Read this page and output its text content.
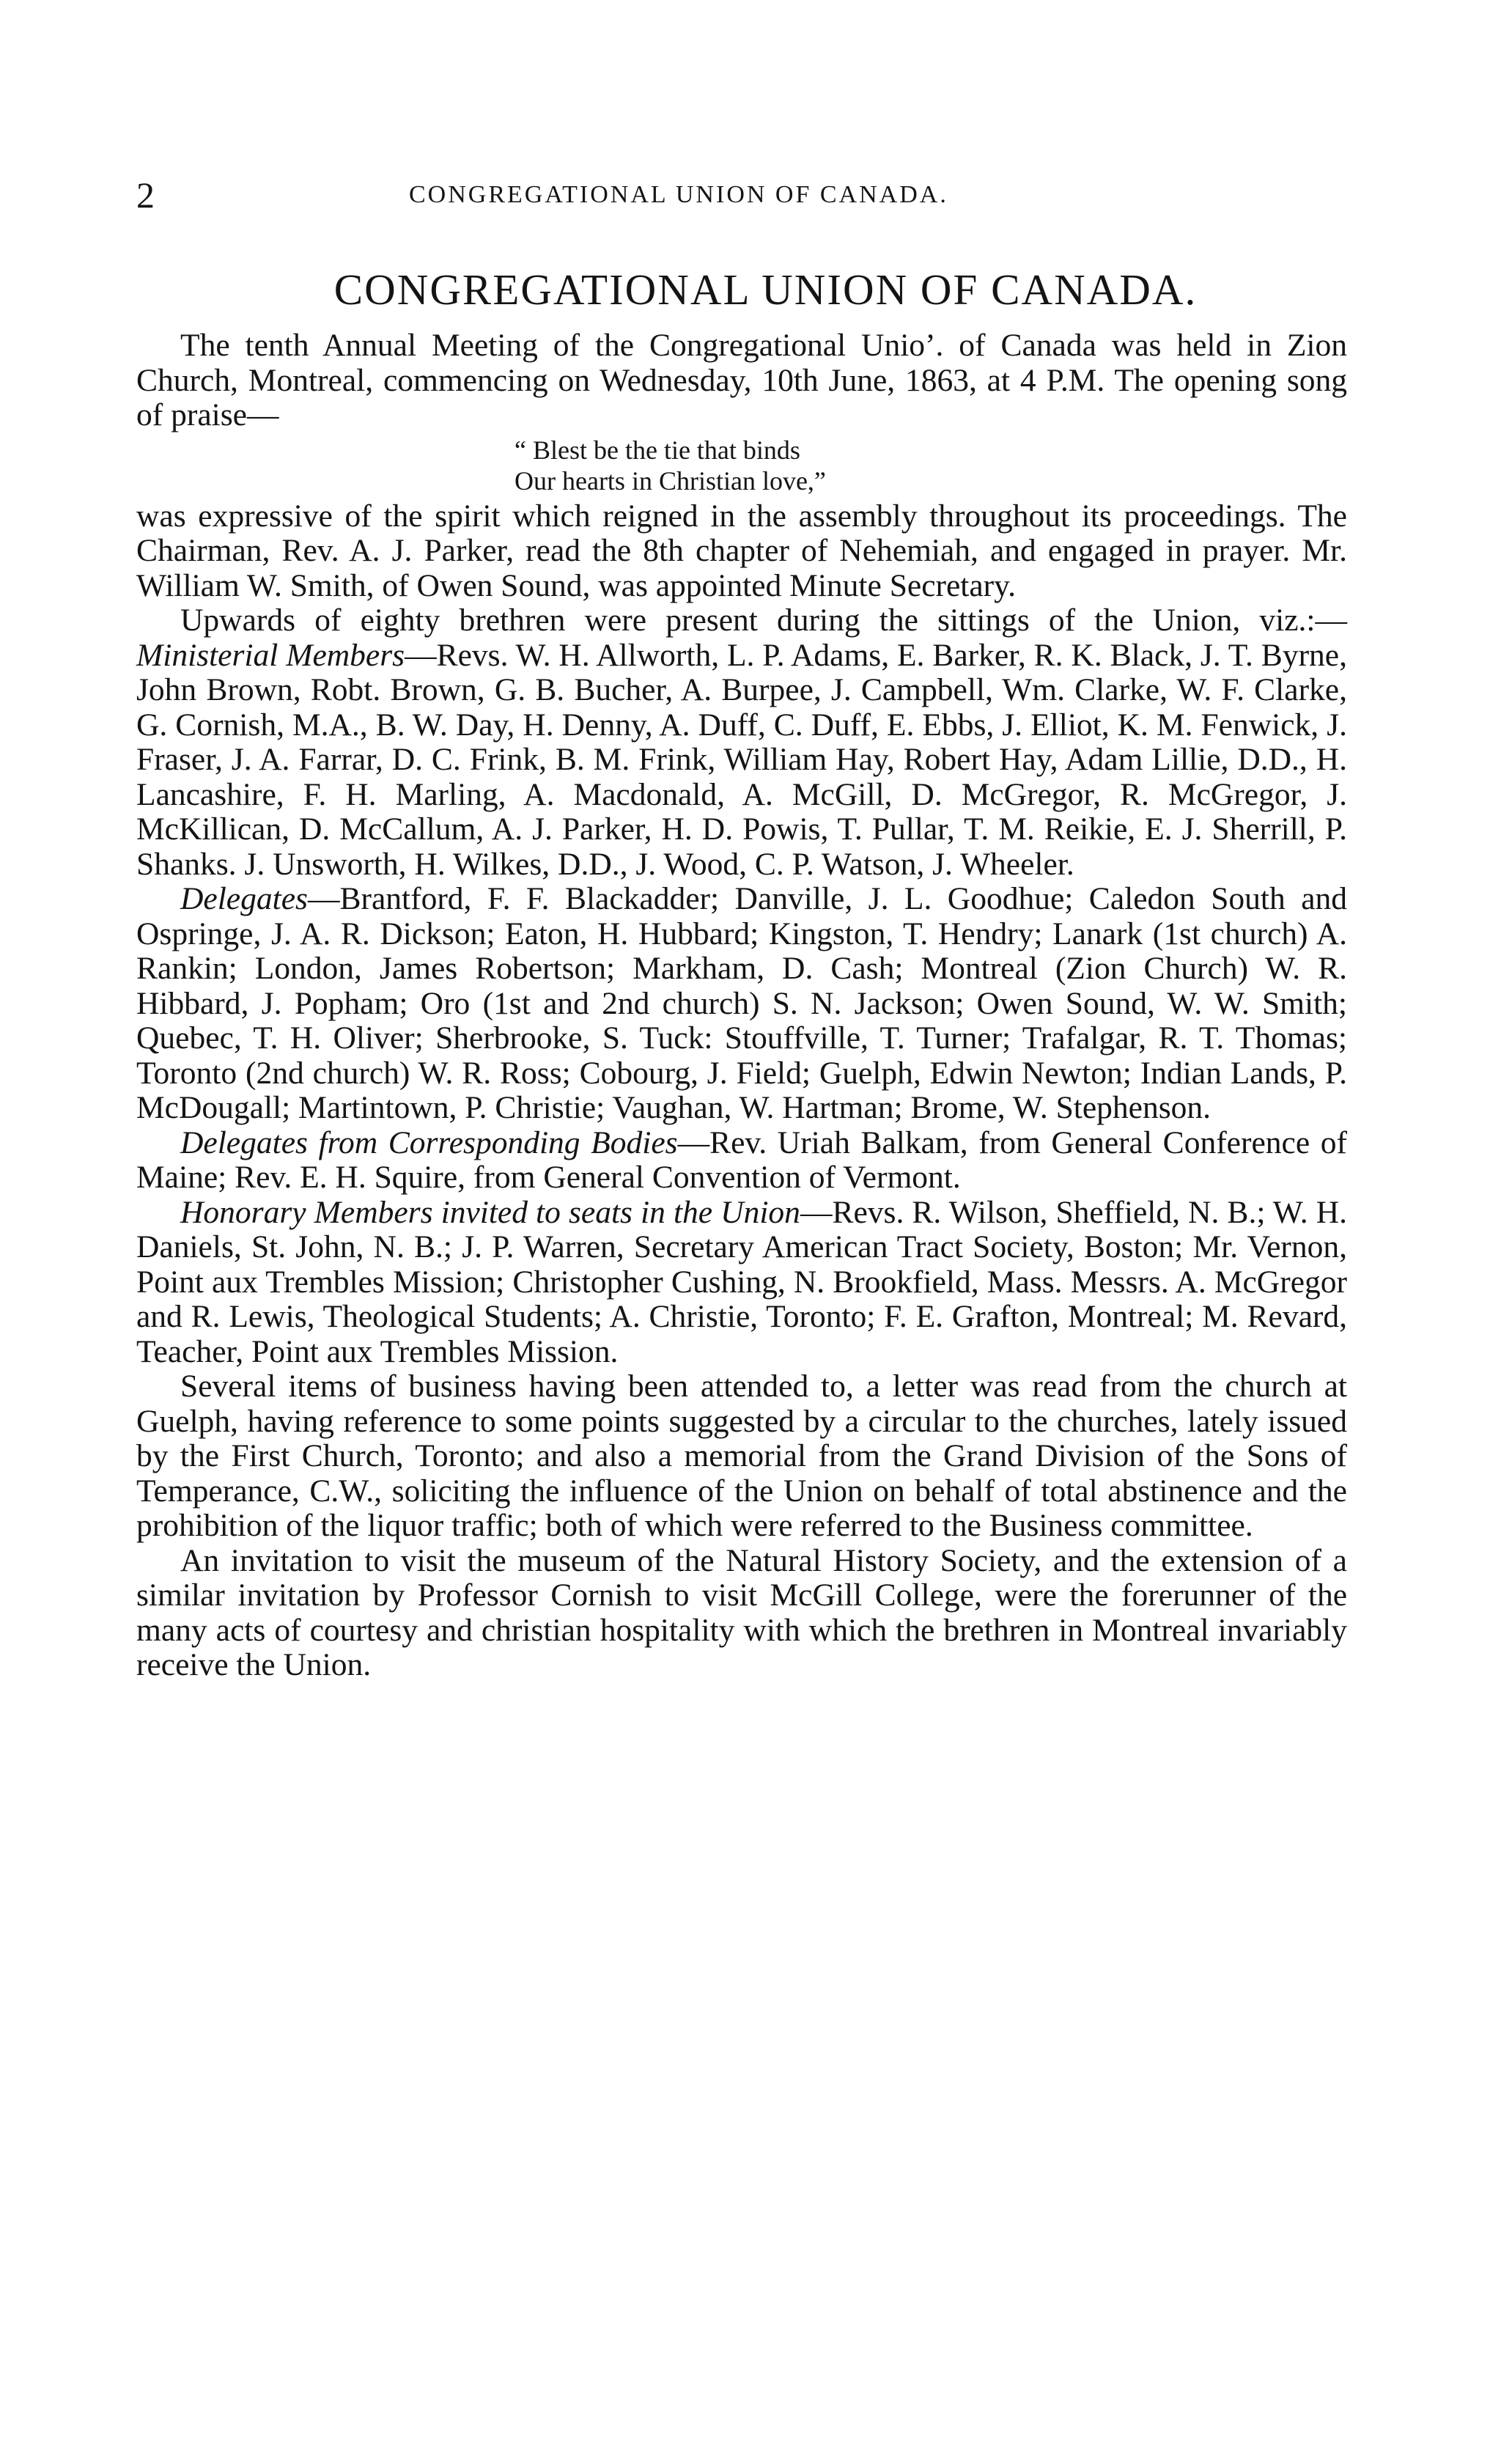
2	CONGREGATIONAL UNION OF CANADA.
CONGREGATIONAL UNION OF CANADA.

The tenth Annual Meeting of the Congregational Unio’. of Canada was held in Zion Church, Montreal, commencing on Wednesday, 10th June, 1863, at 4 P.M. The opening song of praise—

“ Blest be the tie that binds
Our hearts in Christian love,”

was expressive of the spirit which reigned in the assembly throughout its proceedings. The Chairman, Rev. A. J. Parker, read the 8th chapter of Nehemiah, and engaged in prayer. Mr. William W. Smith, of Owen Sound, was appointed Minute Secretary.

Upwards of eighty brethren were present during the sittings of the Union, viz.:—Ministerial Members—Revs. W. H. Allworth, L. P. Adams, E. Barker, R. K. Black, J. T. Byrne, John Brown, Robt. Brown, G. B. Bucher, A. Burpee, J. Campbell, Wm. Clarke, W. F. Clarke, G. Cornish, M.A., B. W. Day, H. Denny, A. Duff, C. Duff, E. Ebbs, J. Elliot, K. M. Fenwick, J. Fraser, J. A. Farrar, D. C. Frink, B. M. Frink, William Hay, Robert Hay, Adam Lillie, D.D., H. Lancashire, F. H. Marling, A. Macdonald, A. McGill, D. McGregor, R. McGregor, J. McKillican, D. McCallum, A. J. Parker, H. D. Powis, T. Pullar, T. M. Reikie, E. J. Sherrill, P. Shanks. J. Unsworth, H. Wilkes, D.D., J. Wood, C. P. Watson, J. Wheeler.

Delegates—Brantford, F. F. Blackadder; Danville, J. L. Goodhue; Caledon South and Ospringe, J. A. R. Dickson; Eaton, H. Hubbard; Kingston, T. Hendry; Lanark (1st church) A. Rankin; London, James Robertson; Markham, D. Cash; Montreal (Zion Church) W. R. Hibbard, J. Popham; Oro (1st and 2nd church) S. N. Jackson; Owen Sound, W. W. Smith; Quebec, T. H. Oliver; Sherbrooke, S. Tuck: Stouffville, T. Turner; Trafalgar, R. T. Thomas; Toronto (2nd church) W. R. Ross; Cobourg, J. Field; Guelph, Edwin Newton; Indian Lands, P. McDougall; Martintown, P. Christie; Vaughan, W. Hartman; Brome, W. Stephenson.

Delegates from Corresponding Bodies—Rev. Uriah Balkam, from General Conference of Maine; Rev. E. H. Squire, from General Convention of Vermont.

Honorary Members invited to seats in the Union—Revs. R. Wilson, Sheffield, N. B.; W. H. Daniels, St. John, N. B.; J. P. Warren, Secretary American Tract Society, Boston; Mr. Vernon, Point aux Trembles Mission; Christopher Cushing, N. Brookfield, Mass. Messrs. A. McGregor and R. Lewis, Theological Students; A. Christie, Toronto; F. E. Grafton, Montreal; M. Revard, Teacher, Point aux Trembles Mission.

Several items of business having been attended to, a letter was read from the church at Guelph, having reference to some points suggested by a circular to the churches, lately issued by the First Church, Toronto; and also a memorial from the Grand Division of the Sons of Temperance, C.W., soliciting the influence of the Union on behalf of total abstinence and the prohibition of the liquor traffic; both of which were referred to the Business committee.

An invitation to visit the museum of the Natural History Society, and the extension of a similar invitation by Professor Cornish to visit McGill College, were the forerunner of the many acts of courtesy and christian hospitality with which the brethren in Montreal invariably receive the Union.
